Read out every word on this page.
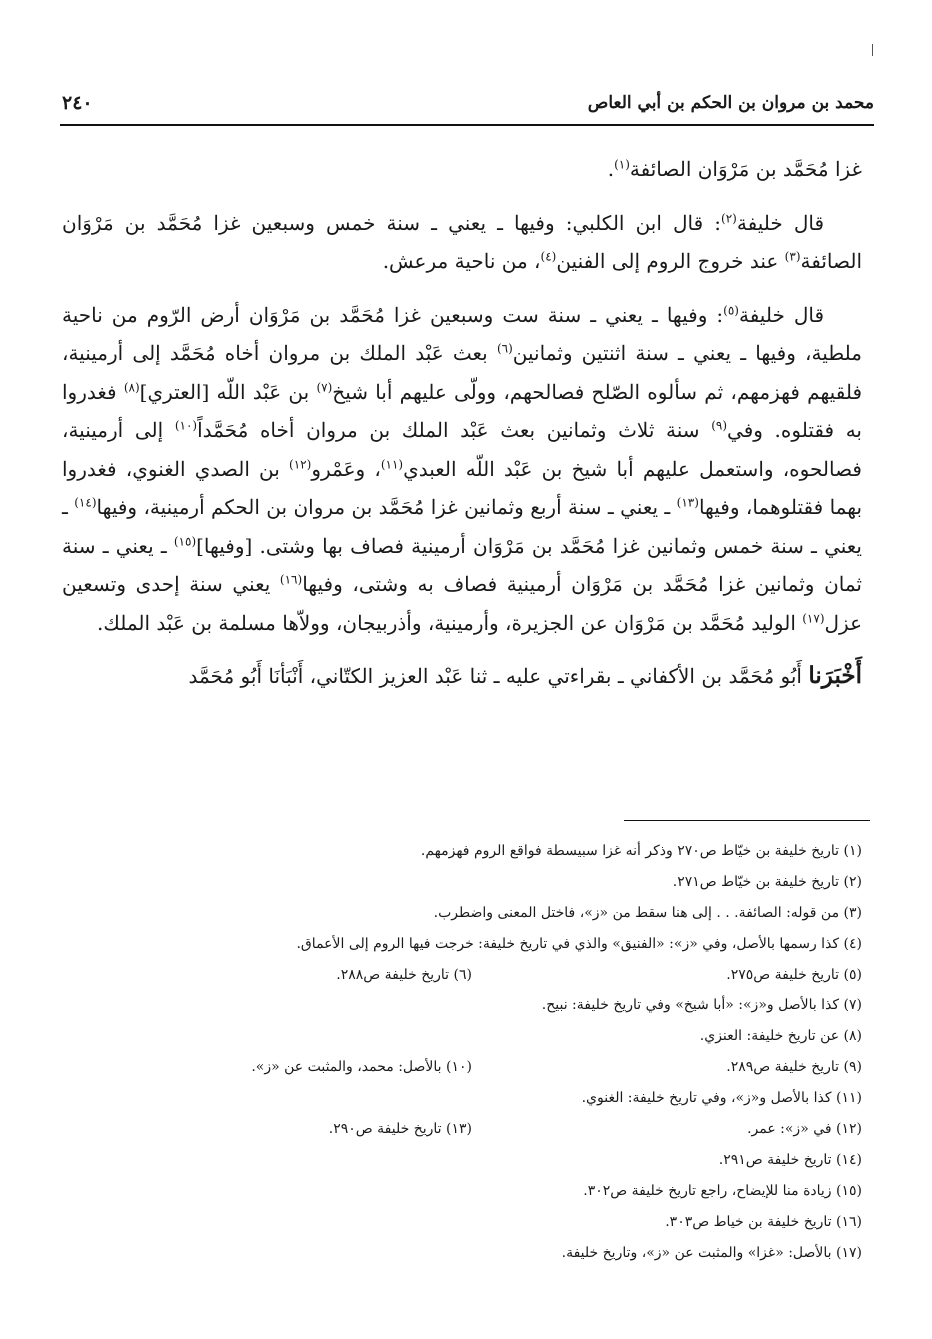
محمد بن مروان بن الحكم بن أبي العاص
٢٤٠

غزا مُحَمَّد بن مَرْوَان الصائفة$^{(١)}$.

قال خليفة$^{(٢)}$: قال ابن الكلبي: وفيها ـ يعني ـ سنة خمس وسبعين غزا مُحَمَّد بن مَرْوَان الصائفة$^{(٣)}$ عند خروج الروم إلى الفنين$^{(٤)}$، من ناحية مرعش.

قال خليفة$^{(٥)}$: وفيها ـ يعني ـ سنة ست وسبعين غزا مُحَمَّد بن مَرْوَان أرض الرّوم من ناحية ملطية، وفيها ـ يعني ـ سنة اثنتين وثمانين$^{(٦)}$ بعث عَبْد الملك بن مروان أخاه مُحَمَّد إلى أرمينية، فلقيهم فهزمهم، ثم سألوه الصّلح فصالحهم، وولّى عليهم أبا شيخ$^{(٧)}$ بن عَبْد اللّه [العتري]$^{(٨)}$ فغدروا به فقتلوه. وفي$^{(٩)}$ سنة ثلاث وثمانين بعث عَبْد الملك بن مروان أخاه مُحَمَّداً$^{(١٠)}$ إلى أرمينية، فصالحوه، واستعمل عليهم أبا شيخ بن عَبْد اللّه العبدي$^{(١١)}$، وعَمْرو$^{(١٢)}$ بن الصدي الغنوي، فغدروا بهما فقتلوهما، وفيها$^{(١٣)}$ ـ يعني ـ سنة أربع وثمانين غزا مُحَمَّد بن مروان بن الحكم أرمينية، وفيها$^{(١٤)}$ ـ يعني ـ سنة خمس وثمانين غزا مُحَمَّد بن مَرْوَان أرمينية فصاف بها وشتى. [وفيها]$^{(١٥)}$ ـ يعني ـ سنة ثمان وثمانين غزا مُحَمَّد بن مَرْوَان أرمينية فصاف به وشتى، وفيها$^{(١٦)}$ يعني سنة إحدى وتسعين عزل$^{(١٧)}$ الوليد مُحَمَّد بن مَرْوَان عن الجزيرة، وأرمينية، وأذربيجان، وولاّها مسلمة بن عَبْد الملك.

أَخْبَرَنا أَبُو مُحَمَّد بن الأكفاني ـ بقراءتي عليه ـ ثنا عَبْد العزيز الكتّاني، أَنْبَأنَا أَبُو مُحَمَّد

(١) تاريخ خليفة بن خيّاط ص٢٧٠ وذكر أنه غزا سبيسطة فواقع الروم فهزمهم.
(٢) تاريخ خليفة بن خيّاط ص٢٧١.
(٣) من قوله: الصائفة. . . إلى هنا سقط من «ز»، فاختل المعنى واضطرب.
(٤) كذا رسمها بالأصل، وفي «ز»: «الفنيق» والذي في تاريخ خليفة: خرجت فيها الروم إلى الأعماق.
(٥) تاريخ خليفة ص٢٧٥.
(٦) تاريخ خليفة ص٢٨٨.
(٧) كذا بالأصل و«ز»: «أبا شيخ» وفي تاريخ خليفة: نبيح.
(٨) عن تاريخ خليفة: العنزي.
(٩) تاريخ خليفة ص٢٨٩.
(١٠) بالأصل: محمد، والمثبت عن «ز».
(١١) كذا بالأصل و«ز»، وفي تاريخ خليفة: الغنوي.
(١٢) في «ز»: عمر.
(١٣) تاريخ خليفة ص٢٩٠.
(١٤) تاريخ خليفة ص٢٩١.
(١٥) زيادة منا للإيضاح، راجع تاريخ خليفة ص٣٠٢.
(١٦) تاريخ خليفة بن خياط ص٣٠٣.
(١٧) بالأصل: «غزا» والمثبت عن «ز»، وتاريخ خليفة.
